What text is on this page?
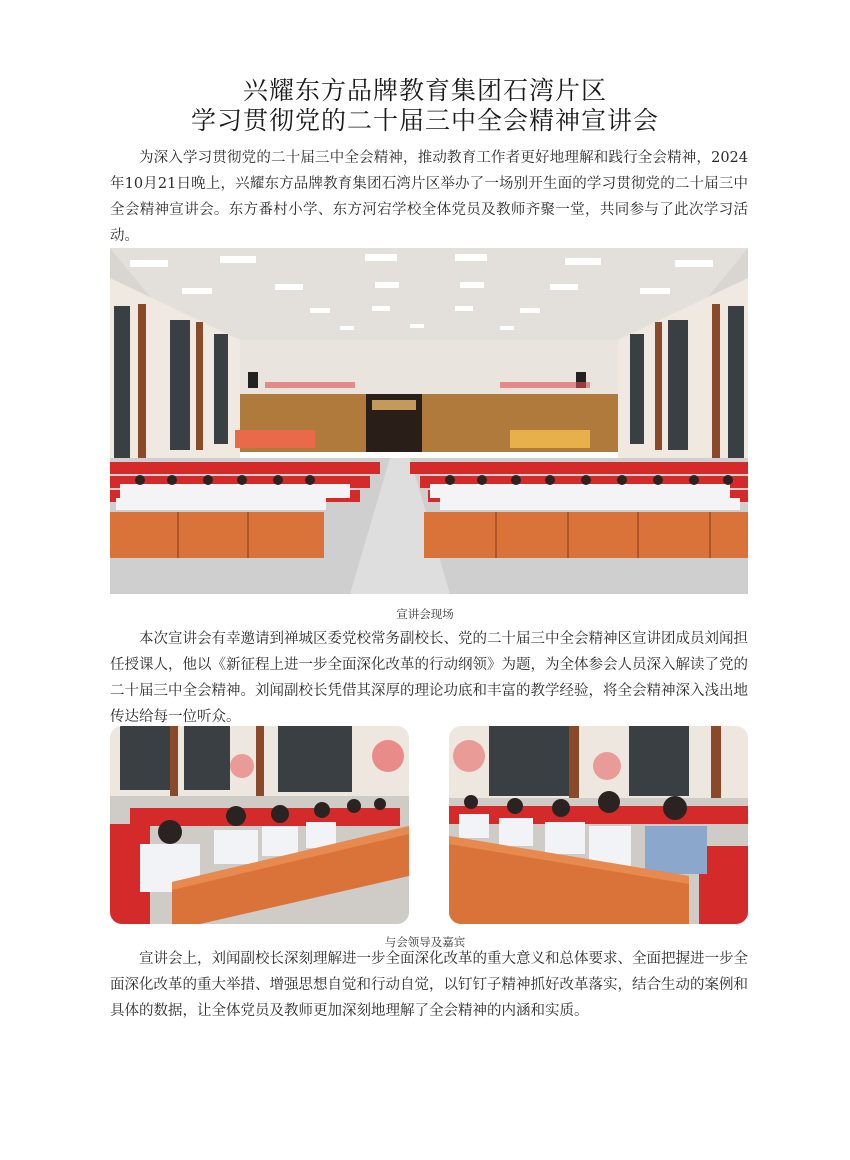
兴耀东方品牌教育集团石湾片区
学习贯彻党的二十届三中全会精神宣讲会

为深入学习贯彻党的二十届三中全会精神，推动教育工作者更好地理解和践行全会精神，2024年10月21日晚上，兴耀东方品牌教育集团石湾片区举办了一场别开生面的学习贯彻党的二十届三中全会精神宣讲会。东方番村小学、东方河宕学校全体党员及教师齐聚一堂，共同参与了此次学习活动。

宣讲会现场

本次宣讲会有幸邀请到禅城区委党校常务副校长、党的二十届三中全会精神区宣讲团成员刘闻担任授课人，他以《新征程上进一步全面深化改革的行动纲领》为题，为全体参会人员深入解读了党的二十届三中全会精神。刘闻副校长凭借其深厚的理论功底和丰富的教学经验，将全会精神深入浅出地传达给每一位听众。

与会领导及嘉宾

宣讲会上，刘闻副校长深刻理解进一步全面深化改革的重大意义和总体要求、全面把握进一步全面深化改革的重大举措、增强思想自觉和行动自觉，以钉钉子精神抓好改革落实，结合生动的案例和具体的数据，让全体党员及教师更加深刻地理解了全会精神的内涵和实质。
